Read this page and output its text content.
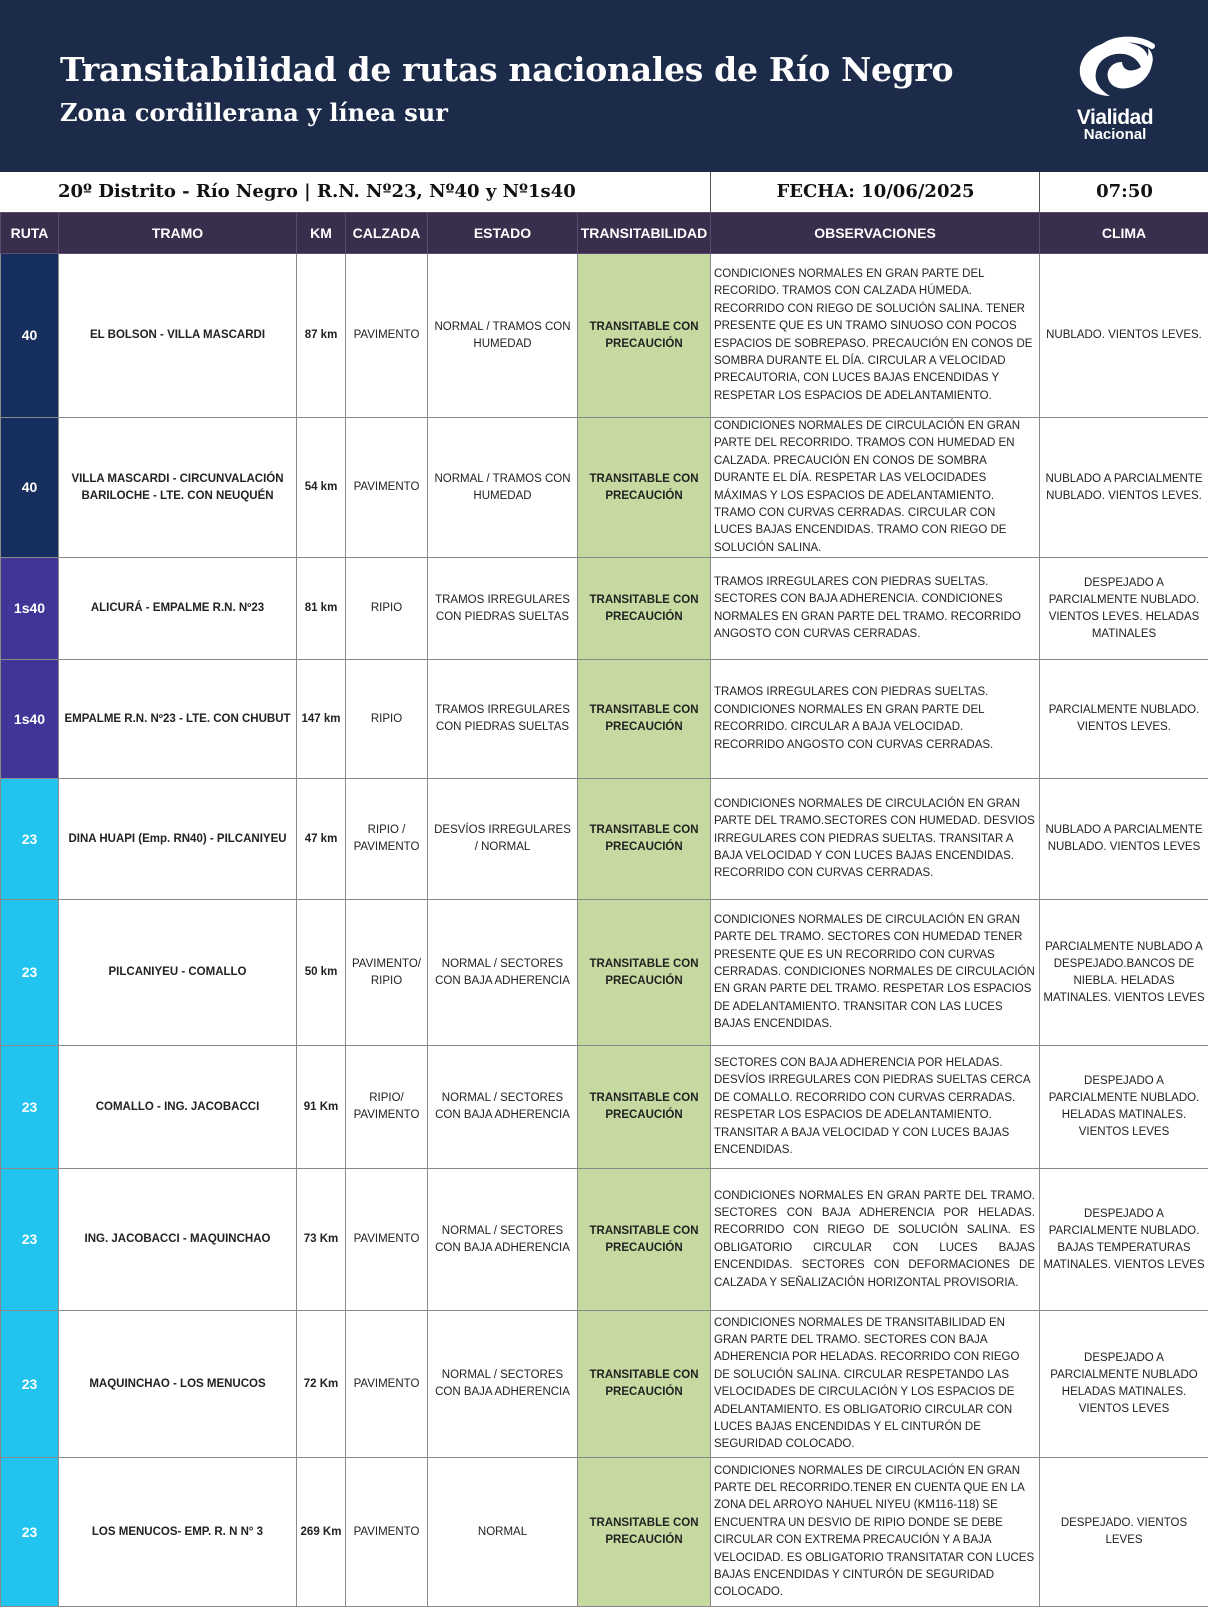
Transitabilidad de rutas nacionales de Río Negro
Zona cordillerana y línea sur	Vialidad
Nacional
20º Distrito - Río Negro | R.N. Nº23, Nº40 y Nº1s40	FECHA: 10/06/2025	07:50
RUTA	TRAMO	KM	CALZADA	ESTADO	TRANSITABILIDAD	OBSERVACIONES	CLIMA
40	EL BOLSON - VILLA MASCARDI	87 km	PAVIMENTO	NORMAL / TRAMOS CON HUMEDAD	TRANSITABLE CON PRECAUCIÓN	CONDICIONES NORMALES EN GRAN PARTE DEL RECORIDO. TRAMOS CON CALZADA HÚMEDA. RECORRIDO CON RIEGO DE SOLUCIÓN SALINA. TENER PRESENTE QUE ES UN TRAMO SINUOSO CON POCOS ESPACIOS DE SOBREPASO. PRECAUCIÓN EN CONOS DE SOMBRA DURANTE EL DÍA. CIRCULAR A VELOCIDAD PRECAUTORIA, CON LUCES BAJAS ENCENDIDAS Y RESPETAR LOS ESPACIOS DE ADELANTAMIENTO.	NUBLADO. VIENTOS LEVES.
40	VILLA MASCARDI - CIRCUNVALACIÓN BARILOCHE - LTE. CON NEUQUÉN	54 km	PAVIMENTO	NORMAL / TRAMOS CON HUMEDAD	TRANSITABLE CON PRECAUCIÓN	CONDICIONES NORMALES DE CIRCULACIÓN EN GRAN PARTE DEL RECORRIDO. TRAMOS CON HUMEDAD EN CALZADA. PRECAUCIÓN EN CONOS DE SOMBRA DURANTE EL DÍA. RESPETAR LAS VELOCIDADES MÁXIMAS Y LOS ESPACIOS DE ADELANTAMIENTO. TRAMO CON CURVAS CERRADAS. CIRCULAR CON LUCES BAJAS ENCENDIDAS. TRAMO CON RIEGO DE SOLUCIÓN SALINA.	NUBLADO A PARCIALMENTE NUBLADO. VIENTOS LEVES.
1s40	ALICURÁ - EMPALME R.N. Nº23	81 km	RIPIO	TRAMOS IRREGULARES CON PIEDRAS SUELTAS	TRANSITABLE CON PRECAUCIÓN	TRAMOS IRREGULARES CON PIEDRAS SUELTAS. SECTORES CON BAJA ADHERENCIA. CONDICIONES NORMALES EN GRAN PARTE DEL TRAMO. RECORRIDO ANGOSTO CON CURVAS CERRADAS.	DESPEJADO A PARCIALMENTE NUBLADO. VIENTOS LEVES. HELADAS MATINALES
1s40	EMPALME R.N. Nº23 - LTE. CON CHUBUT	147 km	RIPIO	TRAMOS IRREGULARES CON PIEDRAS SUELTAS	TRANSITABLE CON PRECAUCIÓN	TRAMOS IRREGULARES CON PIEDRAS SUELTAS. CONDICIONES NORMALES EN GRAN PARTE DEL RECORRIDO. CIRCULAR A BAJA VELOCIDAD. RECORRIDO ANGOSTO CON CURVAS CERRADAS.	PARCIALMENTE NUBLADO. VIENTOS LEVES.
23	DINA HUAPI (Emp. RN40) - PILCANIYEU	47 km	RIPIO / PAVIMENTO	DESVÍOS IRREGULARES / NORMAL	TRANSITABLE CON PRECAUCIÓN	CONDICIONES NORMALES DE CIRCULACIÓN EN GRAN PARTE DEL TRAMO.SECTORES CON HUMEDAD. DESVIOS IRREGULARES CON PIEDRAS SUELTAS. TRANSITAR A BAJA VELOCIDAD Y CON LUCES BAJAS ENCENDIDAS. RECORRIDO CON CURVAS CERRADAS.	NUBLADO A PARCIALMENTE NUBLADO. VIENTOS LEVES
23	PILCANIYEU - COMALLO	50 km	PAVIMENTO/ RIPIO	NORMAL / SECTORES CON BAJA ADHERENCIA	TRANSITABLE CON PRECAUCIÓN	CONDICIONES NORMALES DE CIRCULACIÓN EN GRAN PARTE DEL TRAMO. SECTORES CON HUMEDAD TENER PRESENTE QUE ES UN RECORRIDO CON CURVAS CERRADAS. CONDICIONES NORMALES DE CIRCULACIÓN EN GRAN PARTE DEL TRAMO. RESPETAR LOS ESPACIOS DE ADELANTAMIENTO. TRANSITAR CON LAS LUCES BAJAS ENCENDIDAS.	PARCIALMENTE NUBLADO A DESPEJADO.BANCOS DE NIEBLA. HELADAS MATINALES. VIENTOS LEVES
23	COMALLO - ING. JACOBACCI	91 Km	RIPIO/ PAVIMENTO	NORMAL / SECTORES CON BAJA ADHERENCIA	TRANSITABLE CON PRECAUCIÓN	SECTORES CON BAJA ADHERENCIA POR HELADAS. DESVÍOS IRREGULARES CON PIEDRAS SUELTAS CERCA DE COMALLO. RECORRIDO CON CURVAS CERRADAS. RESPETAR LOS ESPACIOS DE ADELANTAMIENTO. TRANSITAR A BAJA VELOCIDAD Y CON LUCES BAJAS ENCENDIDAS.	DESPEJADO A PARCIALMENTE NUBLADO. HELADAS MATINALES. VIENTOS LEVES
23	ING. JACOBACCI - MAQUINCHAO	73 Km	PAVIMENTO	NORMAL / SECTORES CON BAJA ADHERENCIA	TRANSITABLE CON PRECAUCIÓN	CONDICIONES NORMALES EN GRAN PARTE DEL TRAMO. SECTORES CON BAJA ADHERENCIA POR HELADAS. RECORRIDO CON RIEGO DE SOLUCIÓN SALINA. ES OBLIGATORIO CIRCULAR CON LUCES BAJAS ENCENDIDAS. SECTORES CON DEFORMACIONES DE CALZADA Y SEÑALIZACIÓN HORIZONTAL PROVISORIA.	DESPEJADO A PARCIALMENTE NUBLADO. BAJAS TEMPERATURAS MATINALES. VIENTOS LEVES
23	MAQUINCHAO - LOS MENUCOS	72 Km	PAVIMENTO	NORMAL / SECTORES CON BAJA ADHERENCIA	TRANSITABLE CON PRECAUCIÓN	CONDICIONES NORMALES DE TRANSITABILIDAD EN GRAN PARTE DEL TRAMO. SECTORES CON BAJA ADHERENCIA POR HELADAS. RECORRIDO CON RIEGO DE SOLUCIÓN SALINA. CIRCULAR RESPETANDO LAS VELOCIDADES DE CIRCULACIÓN Y LOS ESPACIOS DE ADELANTAMIENTO. ES OBLIGATORIO CIRCULAR CON LUCES BAJAS ENCENDIDAS Y EL CINTURÓN DE SEGURIDAD COLOCADO.	DESPEJADO A PARCIALMENTE NUBLADO HELADAS MATINALES. VIENTOS LEVES
23	LOS MENUCOS- EMP. R. N N° 3	269 Km	PAVIMENTO	NORMAL	TRANSITABLE CON PRECAUCIÓN	CONDICIONES NORMALES DE CIRCULACIÓN EN GRAN PARTE DEL RECORRIDO.TENER EN CUENTA QUE EN LA ZONA DEL ARROYO NAHUEL NIYEU (KM116-118) SE ENCUENTRA UN DESVIO DE RIPIO DONDE SE DEBE CIRCULAR CON EXTREMA PRECAUCIÓN Y A BAJA VELOCIDAD. ES OBLIGATORIO TRANSITATAR CON LUCES BAJAS ENCENDIDAS Y CINTURÓN DE SEGURIDAD COLOCADO.	DESPEJADO. VIENTOS LEVES
